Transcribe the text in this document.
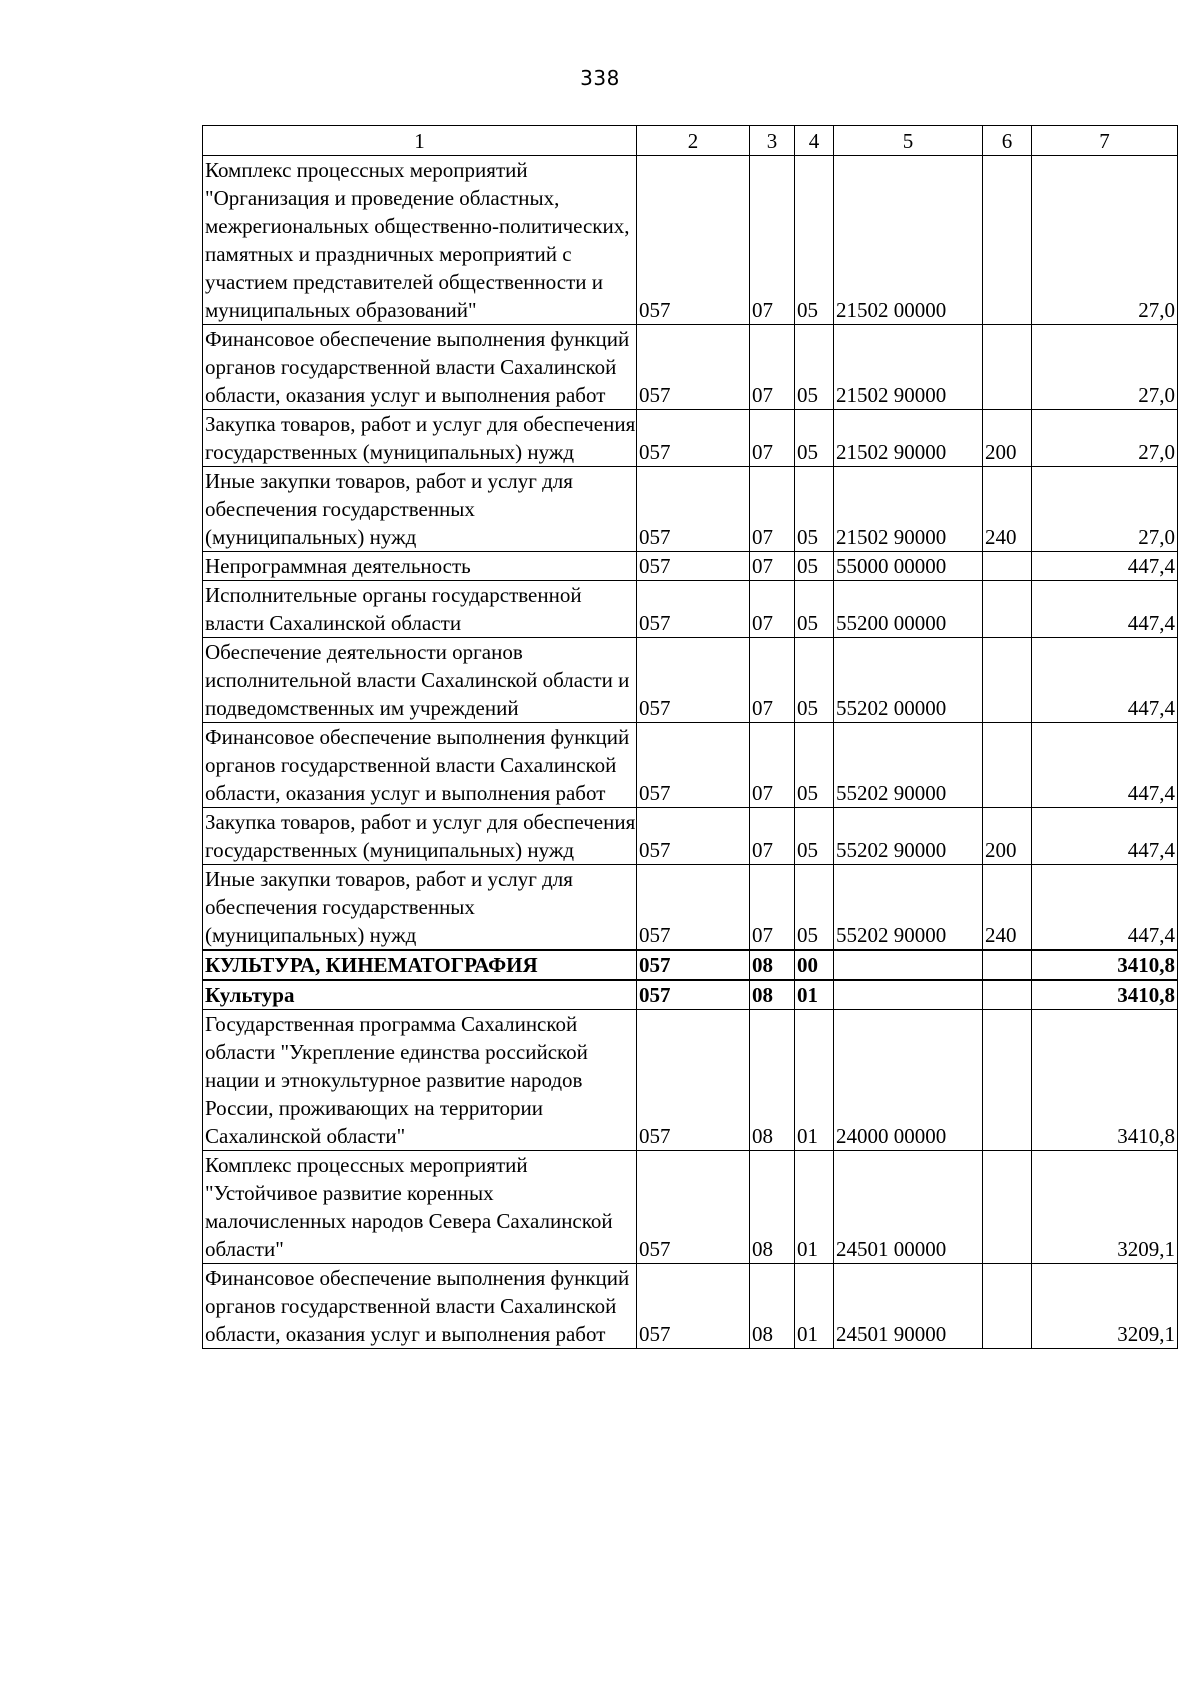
338
1	2	3	4	5	6	7
Комплекс процессных мероприятий "Организация и проведение областных, межрегиональных общественно-политических, памятных и праздничных мероприятий с участием представителей общественности и муниципальных образований"	057	07	05	21502 00000		27,0
Финансовое обеспечение выполнения функций органов государственной власти Сахалинской области, оказания услуг и выполнения работ	057	07	05	21502 90000		27,0
Закупка товаров, работ и услуг для обеспечения государственных (муниципальных) нужд	057	07	05	21502 90000	200	27,0
Иные закупки товаров, работ и услуг для обеспечения государственных (муниципальных) нужд	057	07	05	21502 90000	240	27,0
Непрограммная деятельность	057	07	05	55000 00000		447,4
Исполнительные органы государственной власти Сахалинской области	057	07	05	55200 00000		447,4
Обеспечение деятельности органов исполнительной власти Сахалинской области и подведомственных им учреждений	057	07	05	55202 00000		447,4
Финансовое обеспечение выполнения функций органов государственной власти Сахалинской области, оказания услуг и выполнения работ	057	07	05	55202 90000		447,4
Закупка товаров, работ и услуг для обеспечения государственных (муниципальных) нужд	057	07	05	55202 90000	200	447,4
Иные закупки товаров, работ и услуг для обеспечения государственных (муниципальных) нужд	057	07	05	55202 90000	240	447,4
КУЛЬТУРА, КИНЕМАТОГРАФИЯ	057	08	00			3410,8
Культура	057	08	01			3410,8
Государственная программа Сахалинской области "Укрепление единства российской нации и этнокультурное развитие народов России, проживающих на территории Сахалинской области"	057	08	01	24000 00000		3410,8
Комплекс процессных мероприятий "Устойчивое развитие коренных малочисленных народов Севера Сахалинской области"	057	08	01	24501 00000		3209,1
Финансовое обеспечение выполнения функций органов государственной власти Сахалинской области, оказания услуг и выполнения работ	057	08	01	24501 90000		3209,1
